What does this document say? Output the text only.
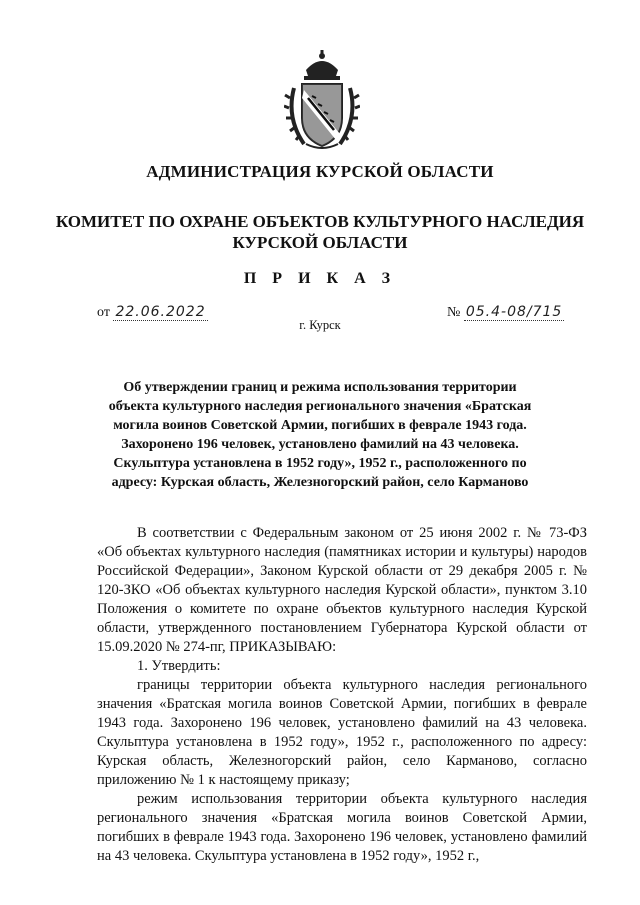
АДМИНИСТРАЦИЯ КУРСКОЙ ОБЛАСТИ
КОМИТЕТ ПО ОХРАНЕ ОБЪЕКТОВ КУЛЬТУРНОГО НАСЛЕДИЯ
КУРСКОЙ ОБЛАСТИ
П Р И К А З
от 22.06.2022	№ 05.4-08/715
г. Курск
Об утверждении границ и режима использования территории объекта культурного наследия регионального значения «Братская могила воинов Советской Армии, погибших в феврале 1943 года. Захоронено 196 человек, установлено фамилий на 43 человека. Скульптура установлена в 1952 году», 1952 г., расположенного по адресу: Курская область, Железногорский район, село Карманово

В соответствии с Федеральным законом от 25 июня 2002 г. № 73-ФЗ «Об объектах культурного наследия (памятниках истории и культуры) народов Российской Федерации», Законом Курской области от 29 декабря 2005 г. № 120-ЗКО «Об объектах культурного наследия Курской области», пунктом 3.10 Положения о комитете по охране объектов культурного наследия Курской области, утвержденного постановлением Губернатора Курской области от 15.09.2020 № 274-пг, ПРИКАЗЫВАЮ:

1. Утвердить:

границы территории объекта культурного наследия регионального значения «Братская могила воинов Советской Армии, погибших в феврале 1943 года. Захоронено 196 человек, установлено фамилий на 43 человека. Скульптура установлена в 1952 году», 1952 г., расположенного по адресу: Курская область, Железногорский район, село Карманово, согласно приложению № 1 к настоящему приказу;

режим использования территории объекта культурного наследия регионального значения «Братская могила воинов Советской Армии, погибших в феврале 1943 года. Захоронено 196 человек, установлено фамилий на 43 человека. Скульптура установлена в 1952 году», 1952 г.,
